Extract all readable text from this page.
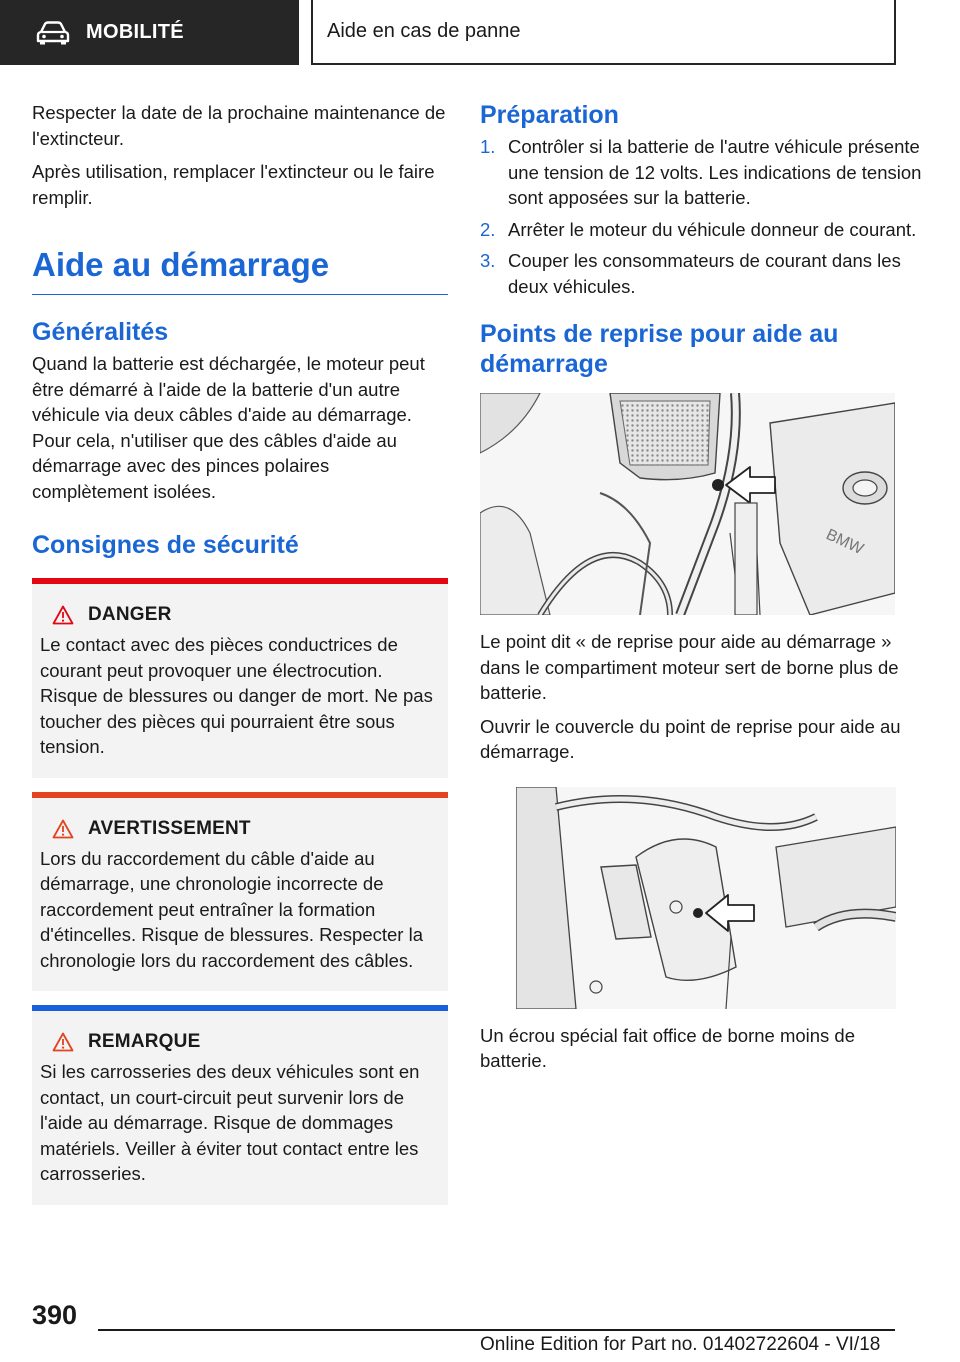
MOBILITÉ	Aide en cas de panne

Respecter la date de la prochaine maintenance de l'extincteur.

Après utilisation, remplacer l'extincteur ou le faire remplir.

Aide au démarrage
Généralités

Quand la batterie est déchargée, le moteur peut être démarré à l'aide de la batterie d'un autre véhicule via deux câbles d'aide au démarrage. Pour cela, n'utiliser que des câbles d'aide au démarrage avec des pinces polaires complètement isolées.

Consignes de sécurité
DANGER

Le contact avec des pièces conductrices de courant peut provoquer une électrocution. Risque de blessures ou danger de mort. Ne pas toucher des pièces qui pourraient être sous tension.

AVERTISSEMENT

Lors du raccordement du câble d'aide au démarrage, une chronologie incorrecte de raccordement peut entraîner la formation d'étincelles. Risque de blessures. Respecter la chronologie lors du raccordement des câbles.

REMARQUE

Si les carrosseries des deux véhicules sont en contact, un court-circuit peut survenir lors de l'aide au démarrage. Risque de dommages matériels. Veiller à éviter tout contact entre les carrosseries.

Préparation
1. Contrôler si la batterie de l'autre véhicule présente une tension de 12 volts. Les indications de tension sont apposées sur la batterie.
2. Arrêter le moteur du véhicule donneur de courant.
3. Couper les consommateurs de courant dans les deux véhicules.
Points de reprise pour aide au démarrage
BMW

Le point dit « de reprise pour aide au démarrage » dans le compartiment moteur sert de borne plus de batterie.

Ouvrir le couvercle du point de reprise pour aide au démarrage.

Un écrou spécial fait office de borne moins de batterie.

390
Online Edition for Part no. 01402722604 - VI/18
